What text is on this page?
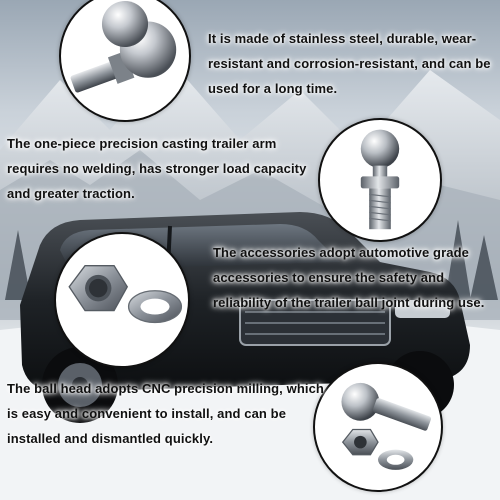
It is made of stainless steel, durable, wear-resistant and corrosion-resistant, and can be used for a long time.

The one-piece precision casting trailer arm requires no welding, has stronger load capacity and greater traction.

The accessories adopt automotive grade accessories to ensure the safety and reliability of the trailer ball joint during use.

The ball head adopts CNC precision milling, which is easy and convenient to install, and can be installed and dismantled quickly.
